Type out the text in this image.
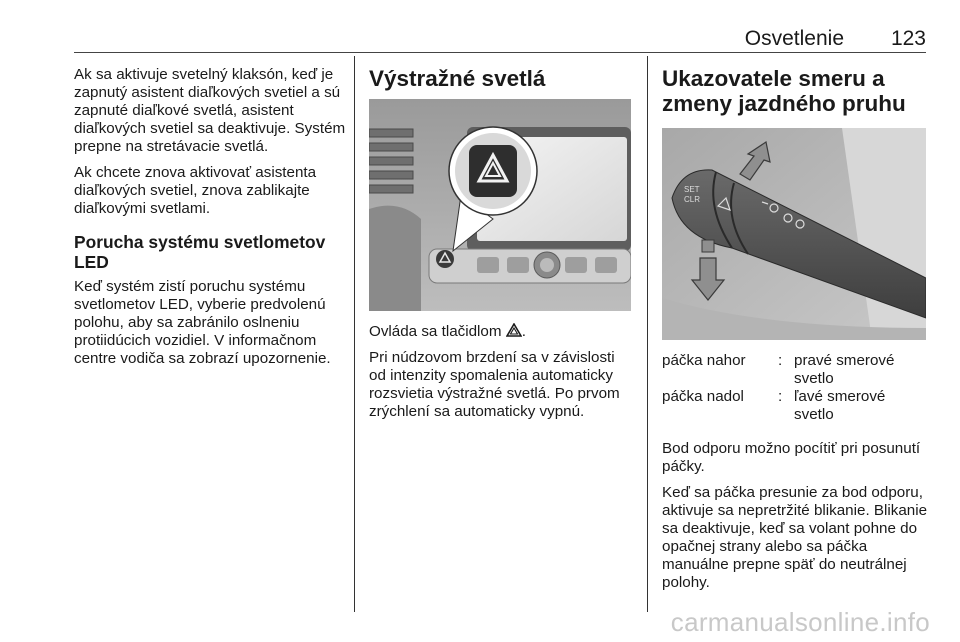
Osvetlenie 123

Ak sa aktivuje svetelný klaksón, keď je zapnutý asistent diaľkových svetiel a sú zapnuté diaľkové svetlá, asistent diaľkových svetiel sa deaktivuje. Systém prepne na stretávacie svetlá.

Ak chcete znova aktivovať asistenta diaľkových svetiel, znova zablikajte diaľkovými svetlami.

Porucha systému svetlometov LED

Keď systém zistí poruchu systému svetlometov LED, vyberie predvolenú polohu, aby sa zabránilo oslneniu protiidúcich vozidiel. V informačnom centre vodiča sa zobrazí upozornenie.

Výstražné svetlá

Ovláda sa tlačidlom .

Pri núdzovom brzdení sa v závislosti od intenzity spomalenia automaticky rozsvietia výstražné svetlá. Po prvom zrýchlení sa automaticky vypnú.

Ukazovatele smeru a
zmeny jazdného pruhu
SET
CLR
páčka nahor	:	pravé smerové svetlo
páčka nadol	:	ľavé smerové svetlo

Bod odporu možno pocítiť pri posunutí páčky.

Keď sa páčka presunie za bod odporu, aktivuje sa nepretržité blikanie. Blikanie sa deaktivuje, keď sa volant pohne do opačnej strany alebo sa páčka manuálne prepne späť do neutrálnej polohy.

carmanualsonline.info
